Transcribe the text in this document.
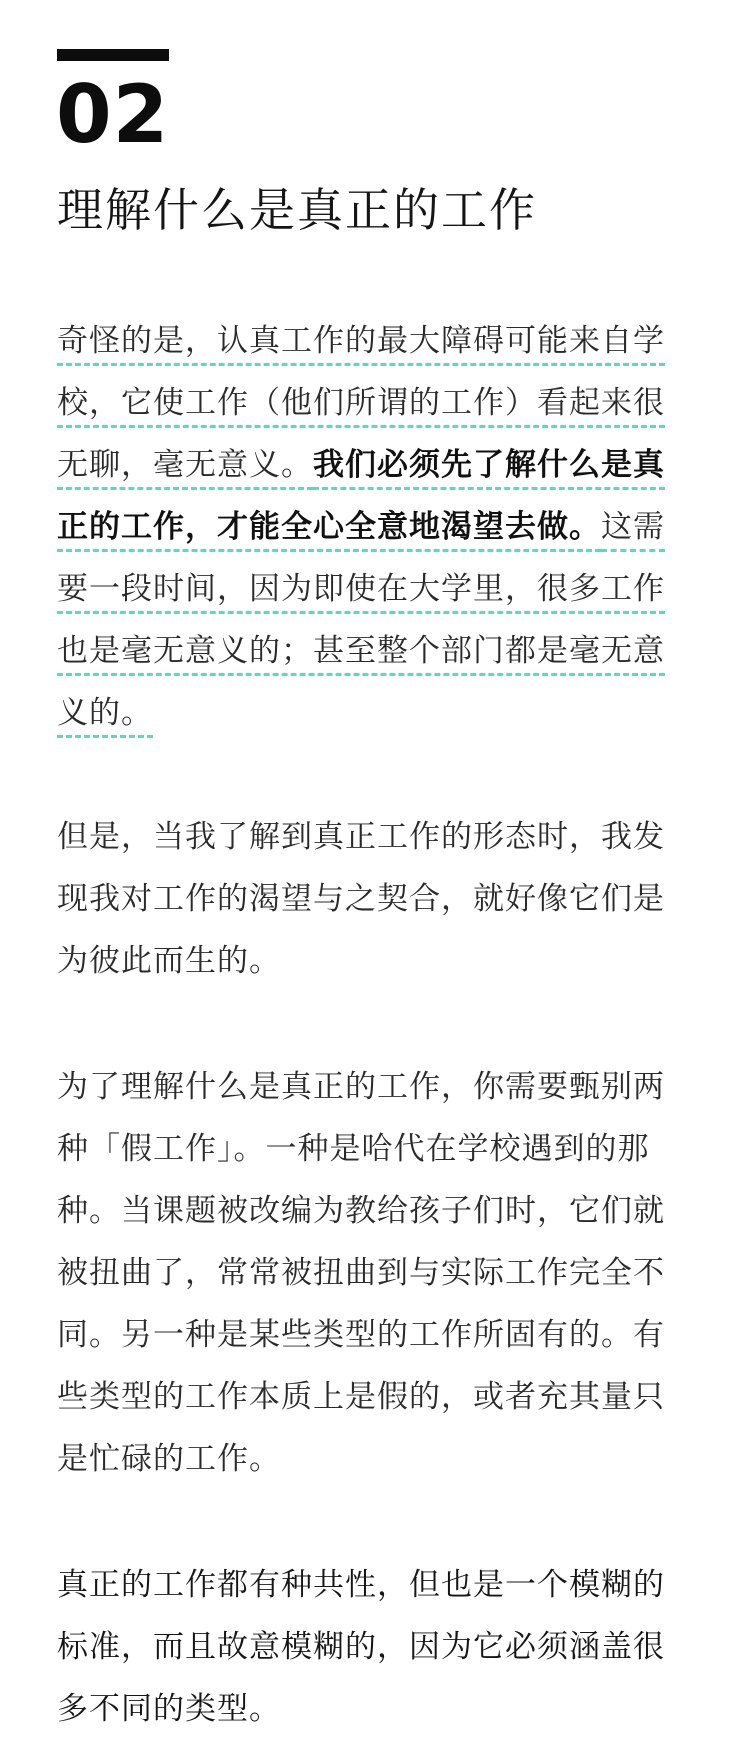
02
理解什么是真正的工作

奇怪的是，认真工作的最大障碍可能来自学校，它使工作（他们所谓的工作）看起来很无聊，毫无意义。我们必须先了解什么是真正的工作，才能全心全意地渴望去做。这需要一段时间，因为即使在大学里，很多工作也是毫无意义的；甚至整个部门都是毫无意义的。

但是，当我了解到真正工作的形态时，我发现我对工作的渴望与之契合，就好像它们是为彼此而生的。

为了理解什么是真正的工作，你需要甄别两种「假工作」。一种是哈代在学校遇到的那种。当课题被改编为教给孩子们时，它们就被扭曲了，常常被扭曲到与实际工作完全不同。另一种是某些类型的工作所固有的。有些类型的工作本质上是假的，或者充其量只是忙碌的工作。

真正的工作都有种共性，但也是一个模糊的标准，而且故意模糊的，因为它必须涵盖很多不同的类型。
